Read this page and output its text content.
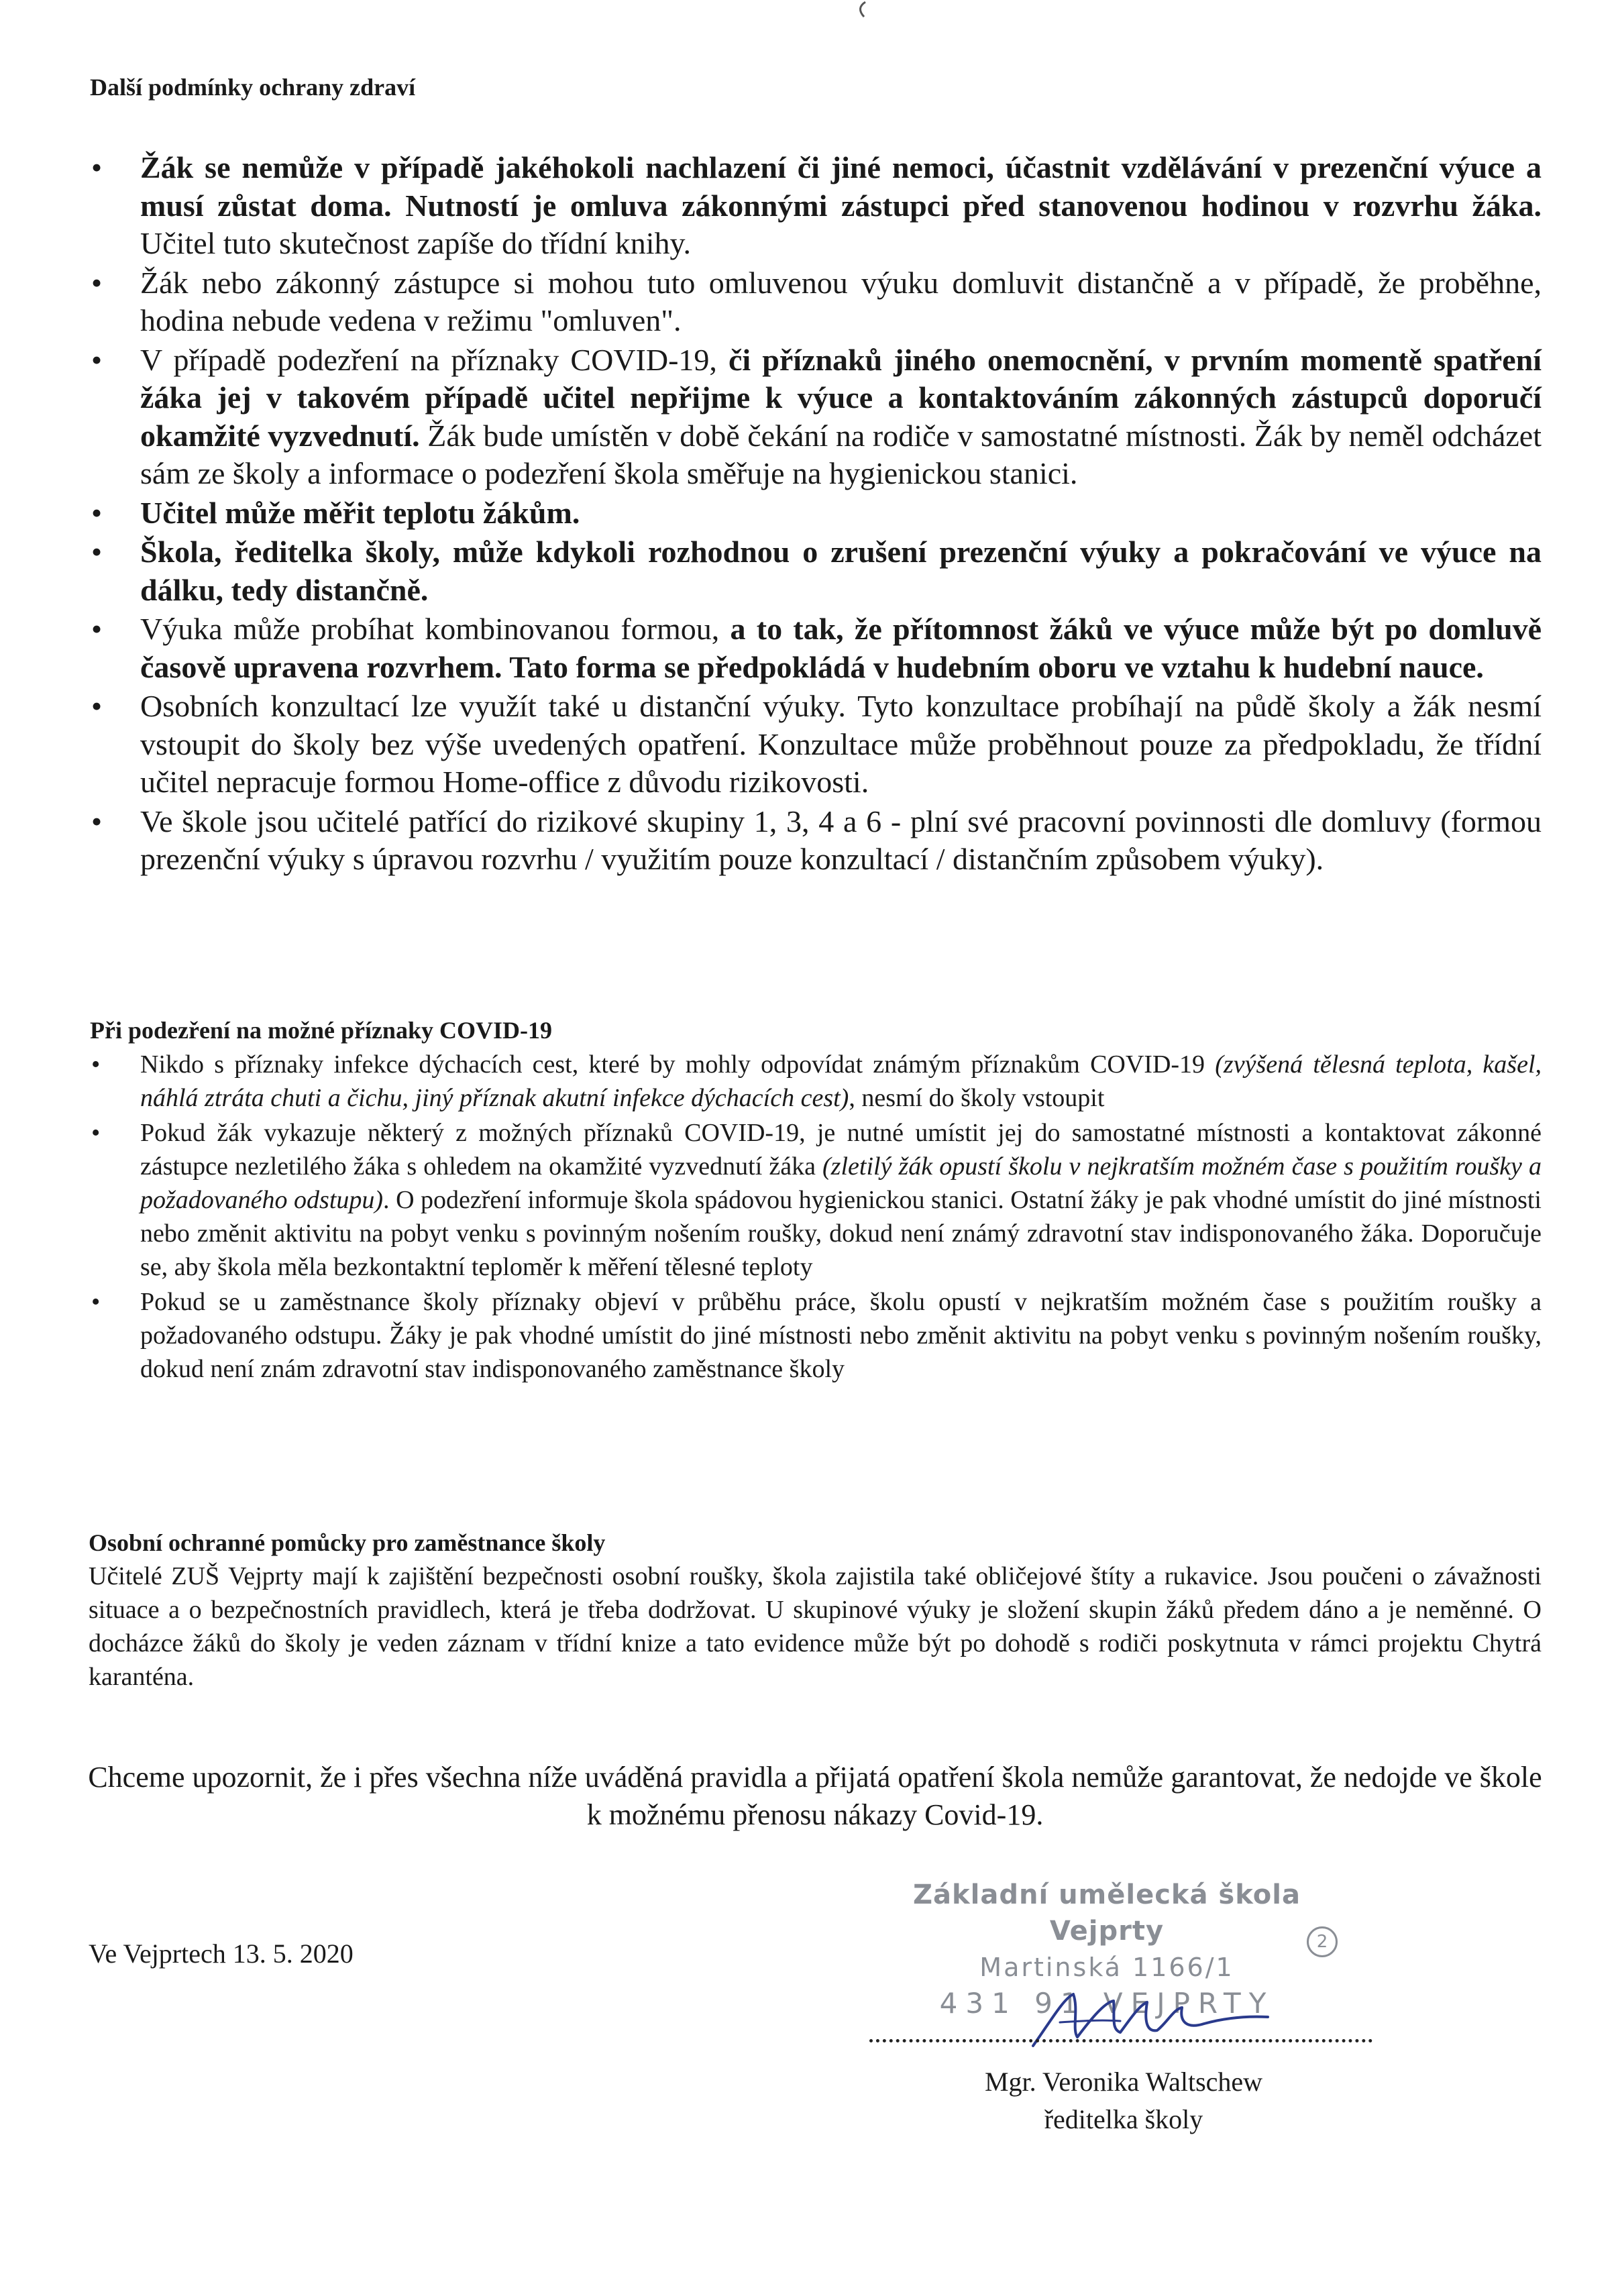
Další podmínky ochrany zdraví
• Žák se nemůže v případě jakéhokoli nachlazení či jiné nemoci, účastnit vzdělávání v prezenční výuce a musí zůstat doma. Nutností je omluva zákonnými zástupci před stanovenou hodinou v rozvrhu žáka. Učitel tuto skutečnost zapíše do třídní knihy.
• Žák nebo zákonný zástupce si mohou tuto omluvenou výuku domluvit distančně a v případě, že proběhne, hodina nebude vedena v režimu "omluven".
• V případě podezření na příznaky COVID-19, či příznaků jiného onemocnění, v prvním momentě spatření žáka jej v takovém případě učitel nepřijme k výuce a kontaktováním zákonných zástupců doporučí okamžité vyzvednutí. Žák bude umístěn v době čekání na rodiče v samostatné místnosti. Žák by neměl odcházet sám ze školy a informace o podezření škola směřuje na hygienickou stanici.
• Učitel může měřit teplotu žákům.
• Škola, ředitelka školy, může kdykoli rozhodnou o zrušení prezenční výuky a pokračování ve výuce na dálku, tedy distančně.
• Výuka může probíhat kombinovanou formou, a to tak, že přítomnost žáků ve výuce může být po domluvě časově upravena rozvrhem. Tato forma se předpokládá v hudebním oboru ve vztahu k hudební nauce.
• Osobních konzultací lze využít také u distanční výuky. Tyto konzultace probíhají na půdě školy a žák nesmí vstoupit do školy bez výše uvedených opatření. Konzultace může proběhnout pouze za předpokladu, že třídní učitel nepracuje formou Home-office z důvodu rizikovosti.
• Ve škole jsou učitelé patřící do rizikové skupiny 1, 3, 4 a 6 - plní své pracovní povinnosti dle domluvy (formou prezenční výuky s úpravou rozvrhu / využitím pouze konzultací / distančním způsobem výuky).
Při podezření na možné příznaky COVID-19
• Nikdo s příznaky infekce dýchacích cest, které by mohly odpovídat známým příznakům COVID-19 (zvýšená tělesná teplota, kašel, náhlá ztráta chuti a čichu, jiný příznak akutní infekce dýchacích cest), nesmí do školy vstoupit
• Pokud žák vykazuje některý z možných příznaků COVID-19, je nutné umístit jej do samostatné místnosti a kontaktovat zákonné zástupce nezletilého žáka s ohledem na okamžité vyzvednutí žáka (zletilý žák opustí školu v nejkratším možném čase s použitím roušky a požadovaného odstupu). O podezření informuje škola spádovou hygienickou stanici. Ostatní žáky je pak vhodné umístit do jiné místnosti nebo změnit aktivitu na pobyt venku s povinným nošením roušky, dokud není známý zdravotní stav indisponovaného žáka. Doporučuje se, aby škola měla bezkontaktní teploměr k měření tělesné teploty
• Pokud se u zaměstnance školy příznaky objeví v průběhu práce, školu opustí v nejkratším možném čase s použitím roušky a požadovaného odstupu. Žáky je pak vhodné umístit do jiné místnosti nebo změnit aktivitu na pobyt venku s povinným nošením roušky, dokud není znám zdravotní stav indisponovaného zaměstnance školy
Osobní ochranné pomůcky pro zaměstnance školy

Učitelé ZUŠ Vejprty mají k zajištění bezpečnosti osobní roušky, škola zajistila také obličejové štíty a rukavice. Jsou poučeni o závažnosti situace a o bezpečnostních pravidlech, která je třeba dodržovat. U skupinové výuky je složení skupin žáků předem dáno a je neměnné. O docházce žáků do školy je veden záznam v třídní knize a tato evidence může být po dohodě s rodiči poskytnuta v rámci projektu Chytrá karanténa.

Chceme upozornit, že i přes všechna níže uváděná pravidla a přijatá opatření škola nemůže garantovat, že nedojde ve škole k možnému přenosu nákazy Covid-19.

Ve Vejprtech 13. 5. 2020

Základní umělecká škola Vejprty
Martinská 1166/1
431 91 VEJPRTY
2
Mgr. Veronika Waltschew
ředitelka školy
